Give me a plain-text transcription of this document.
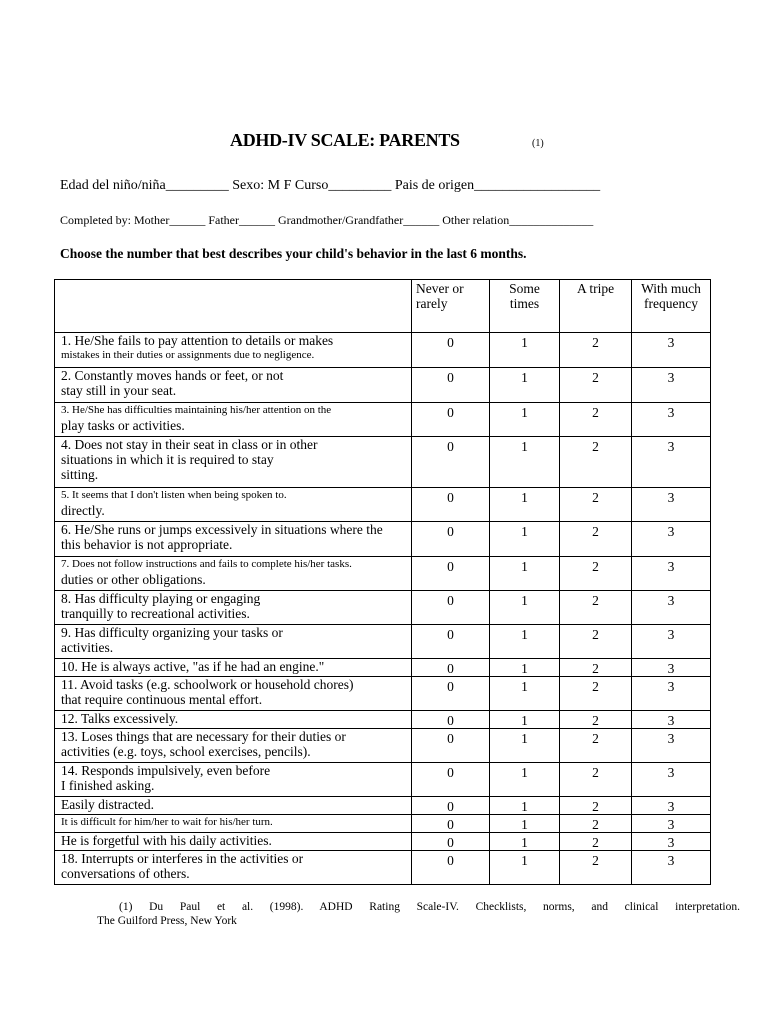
ADHD-IV SCALE: PARENTS	(1)
Edad del niño/niña_________ Sexo: M F Curso_________ Pais de origen__________________
Completed by: Mother______ Father______ Grandmother/Grandfather______ Other relation______________
Choose the number that best describes your child's behavior in the last 6 months.
	Never or rarely	Some times	A tripe	With much frequency

1. He/She fails to pay attention to details or makes
mistakes in their duties or assignments due to negligence.	0	1	2	3

2. Constantly moves hands or feet, or not
stay still in your seat.	0	1	2	3

3. He/She has difficulties maintaining his/her attention on the
play tasks or activities.	0	1	2	3

4. Does not stay in their seat in class or in other
situations in which it is required to stay
sitting.	0	1	2	3

5. It seems that I don't listen when being spoken to.
directly.	0	1	2	3

6. He/She runs or jumps excessively in situations where the
this behavior is not appropriate.	0	1	2	3

7. Does not follow instructions and fails to complete his/her tasks.
duties or other obligations.	0	1	2	3

8. Has difficulty playing or engaging
tranquilly to recreational activities.	0	1	2	3

9. Has difficulty organizing your tasks or
activities.	0	1	2	3

10. He is always active, "as if he had an engine."	0	1	2	3

11. Avoid tasks (e.g. schoolwork or household chores)
that require continuous mental effort.	0	1	2	3

12. Talks excessively.	0	1	2	3

13. Loses things that are necessary for their duties or
activities (e.g. toys, school exercises, pencils).	0	1	2	3

14. Responds impulsively, even before
I finished asking.	0	1	2	3

Easily distracted.	0	1	2	3

It is difficult for him/her to wait for his/her turn.	0	1	2	3

He is forgetful with his daily activities.	0	1	2	3

18. Interrupts or interferes in the activities or
conversations of others.	0	1	2	3
(1) Du Paul et al. (1998). ADHD Rating Scale-IV. Checklists, norms, and clinical interpretation.
The Guilford Press, New York
